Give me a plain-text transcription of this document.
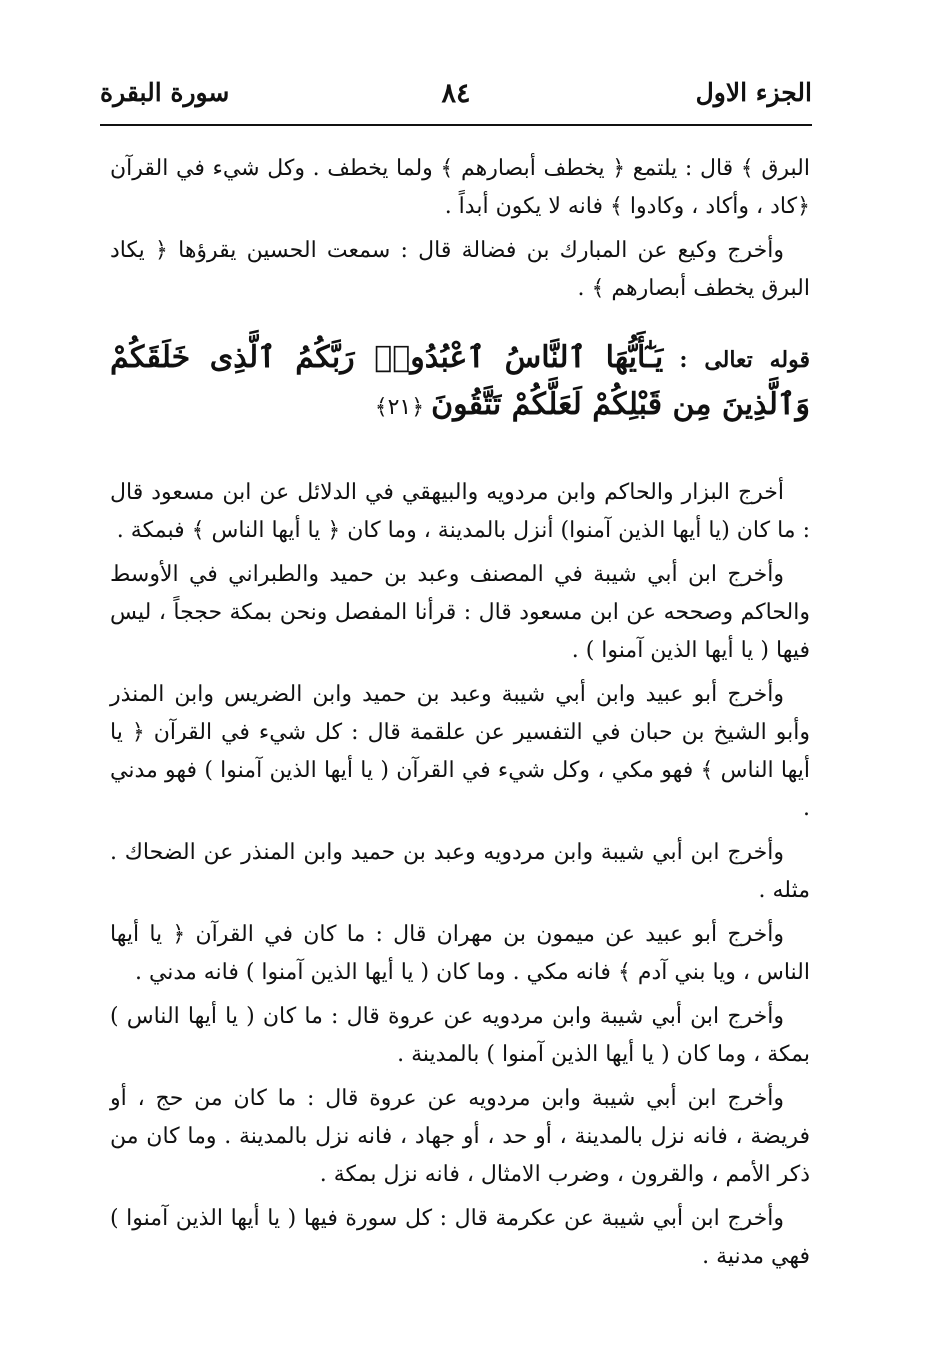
الجزء الاول
٨٤
سورة البقرة

البرق ﴾ قال : يلتمع ﴿ يخطف أبصارهم ﴾ ولما يخطف . وكل شيء في القرآن ﴿كاد ، وأكاد ، وكادوا ﴾ فانه لا يكون أبداً .

وأخرج وكيع عن المبارك بن فضالة قال : سمعت الحسين يقرؤها ﴿ يكاد البرق يخطف أبصارهم ﴾ .

قوله تعالى : يَـٰٓأَيُّهَا ٱلنَّاسُ ٱعْبُدُوا۟ رَبَّكُمُ ٱلَّذِى خَلَقَكُمْ وَٱلَّذِينَ مِن قَبْلِكُمْ لَعَلَّكُمْ تَتَّقُونَ ﴿٢١﴾

أخرج البزار والحاكم وابن مردويه والبيهقي في الدلائل عن ابن مسعود قال : ما كان (يا أيها الذين آمنوا) أنزل بالمدينة ، وما كان ﴿ يا أيها الناس ﴾ فبمكة .

وأخرج ابن أبي شيبة في المصنف وعبد بن حميد والطبراني في الأوسط والحاكم وصححه عن ابن مسعود قال : قرأنا المفصل ونحن بمكة حججاً ، ليس فيها ( يا أيها الذين آمنوا ) .

وأخرج أبو عبيد وابن أبي شيبة وعبد بن حميد وابن الضريس وابن المنذر وأبو الشيخ بن حبان في التفسير عن علقمة قال : كل شيء في القرآن ﴿ يا أيها الناس ﴾ فهو مكي ، وكل شيء في القرآن ( يا أيها الذين آمنوا ) فهو مدني .

وأخرج ابن أبي شيبة وابن مردويه وعبد بن حميد وابن المنذر عن الضحاك . مثله .

وأخرج أبو عبيد عن ميمون بن مهران قال : ما كان في القرآن ﴿ يا أيها الناس ، ويا بني آدم ﴾ فانه مكي . وما كان ( يا أيها الذين آمنوا ) فانه مدني .

وأخرج ابن أبي شيبة وابن مردويه عن عروة قال : ما كان ( يا أيها الناس ) بمكة ، وما كان ( يا أيها الذين آمنوا ) بالمدينة .

وأخرج ابن أبي شيبة وابن مردويه عن عروة قال : ما كان من حج ، أو فريضة ، فانه نزل بالمدينة ، أو حد ، أو جهاد ، فانه نزل بالمدينة . وما كان من ذكر الأمم ، والقرون ، وضرب الامثال ، فانه نزل بمكة .

وأخرج ابن أبي شيبة عن عكرمة قال : كل سورة فيها ( يا أيها الذين آمنوا ) فهي مدنية .
